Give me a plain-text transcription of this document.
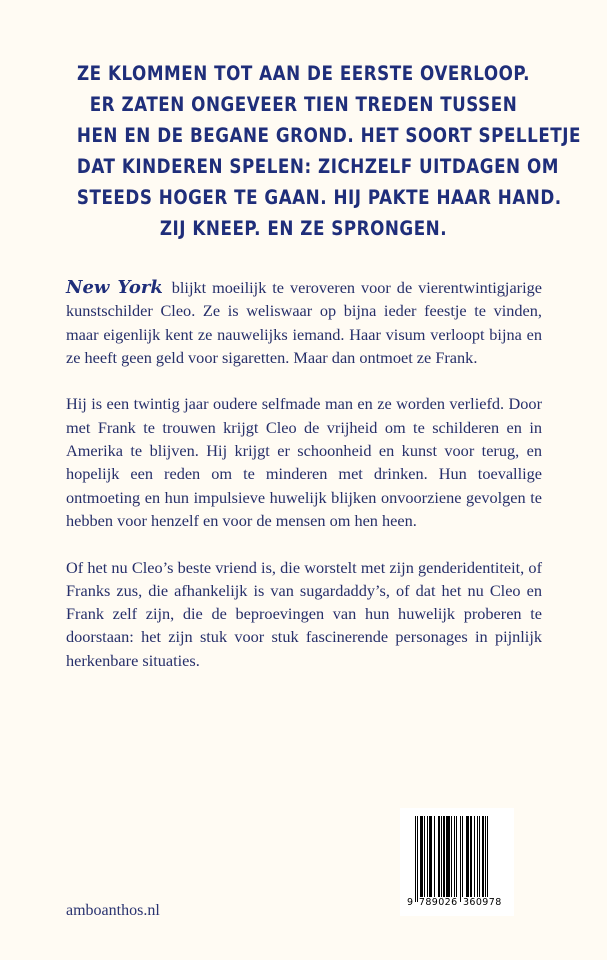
ZE KLOMMEN TOT AAN DE EERSTE OVERLOOP.
ER ZATEN ONGEVEER TIEN TREDEN TUSSEN
HEN EN DE BEGANE GROND. HET SOORT SPELLETJE
DAT KINDEREN SPELEN: ZICHZELF UITDAGEN OM
STEEDS HOGER TE GAAN. HIJ PAKTE HAAR HAND.
ZIJ KNEEP. EN ZE SPRONGEN.

New York blijkt moeilijk te veroveren voor de vierentwintigjarige kunstschilder Cleo. Ze is weliswaar op bijna ieder feestje te vinden, maar eigenlijk kent ze nauwelijks iemand. Haar visum verloopt bijna en ze heeft geen geld voor sigaretten. Maar dan ontmoet ze Frank.

Hij is een twintig jaar oudere selfmade man en ze worden verliefd. Door met Frank te trouwen krijgt Cleo de vrijheid om te schilderen en in Amerika te blijven. Hij krijgt er schoonheid en kunst voor terug, en hopelijk een reden om te minderen met drinken. Hun toevallige ontmoeting en hun impulsieve huwelijk blijken onvoorziene gevolgen te hebben voor henzelf en voor de mensen om hen heen.

Of het nu Cleo’s beste vriend is, die worstelt met zijn genderidentiteit, of Franks zus, die afhankelijk is van sugardaddy’s, of dat het nu Cleo en Frank zelf zijn, die de beproevingen van hun huwelijk proberen te doorstaan: het zijn stuk voor stuk fascinerende personages in pijnlijk herkenbare situaties.

amboanthos.nl	9 789026 360978
